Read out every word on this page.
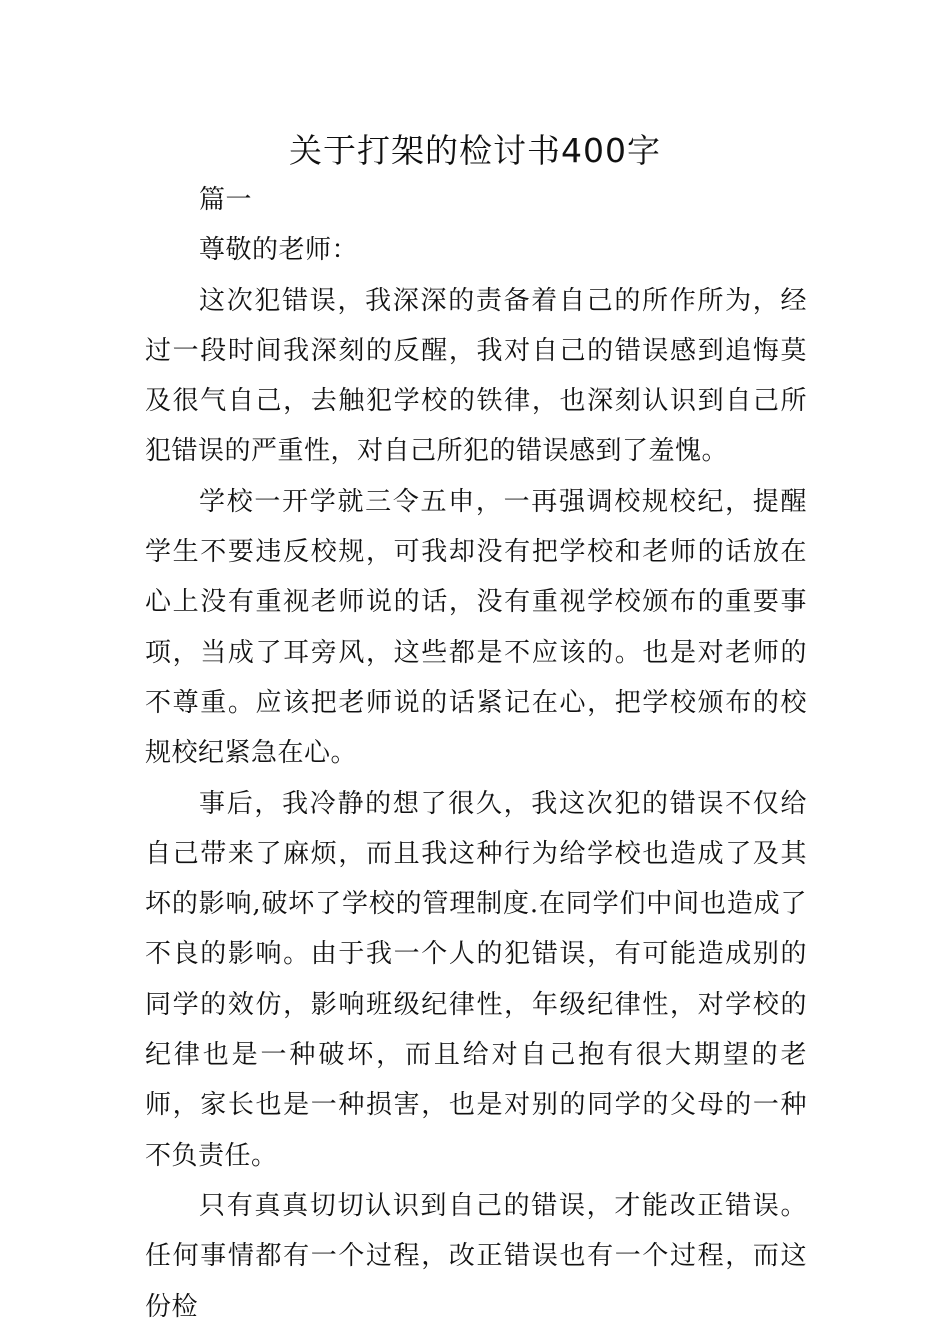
关于打架的检讨书400字

篇一

尊敬的老师：

这次犯错误，我深深的责备着自己的所作所为，经过一段时间我深刻的反醒，我对自己的错误感到追悔莫及很气自己，去触犯学校的铁律，也深刻认识到自己所犯错误的严重性，对自己所犯的错误感到了羞愧。

学校一开学就三令五申，一再强调校规校纪，提醒学生不要违反校规，可我却没有把学校和老师的话放在心上没有重视老师说的话，没有重视学校颁布的重要事项，当成了耳旁风，这些都是不应该的。也是对老师的不尊重。应该把老师说的话紧记在心，把学校颁布的校规校纪紧急在心。

事后，我冷静的想了很久，我这次犯的错误不仅给自己带来了麻烦，而且我这种行为给学校也造成了及其坏的影响,破坏了学校的管理制度.在同学们中间也造成了不良的影响。由于我一个人的犯错误，有可能造成别的同学的效仿，影响班级纪律性，年级纪律性，对学校的纪律也是一种破坏，而且给对自己抱有很大期望的老师，家长也是一种损害，也是对别的同学的父母的一种不负责任。

只有真真切切认识到自己的错误，才能改正错误。任何事情都有一个过程，改正错误也有一个过程，而这份检
